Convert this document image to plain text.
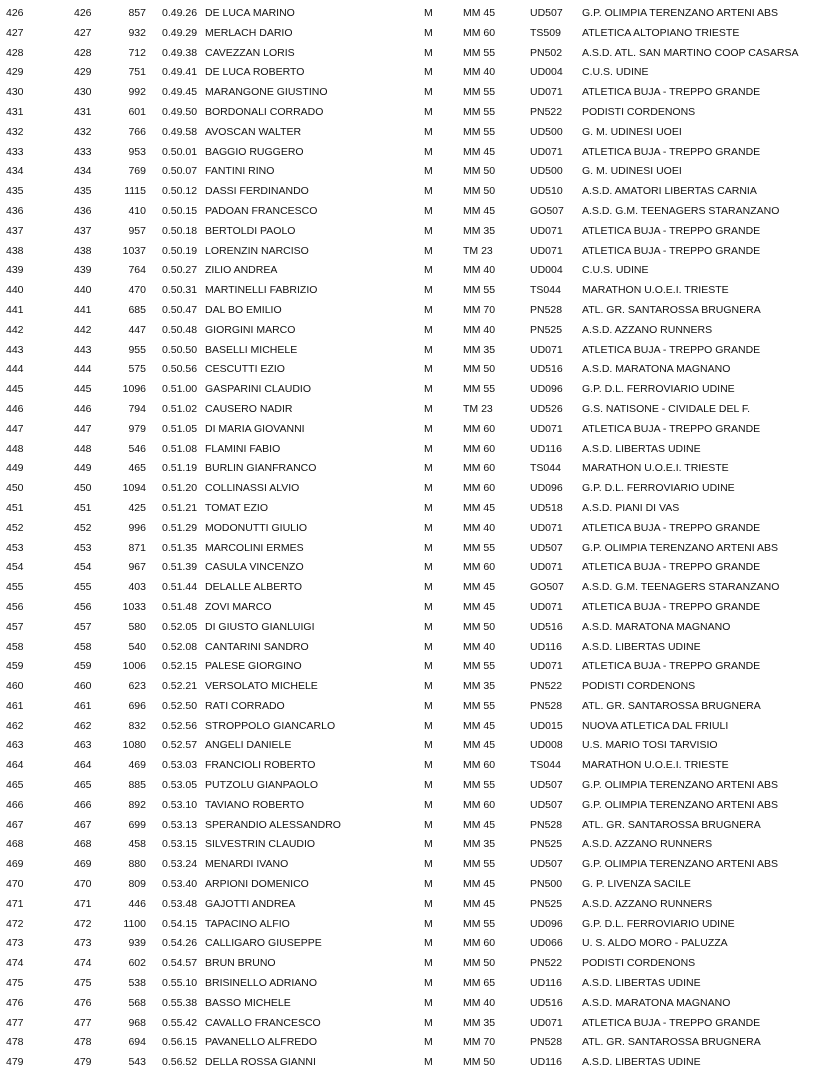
426	426	857 0.49.26 DE LUCA MARINO	M	MM 45	UD507 G.P. OLIMPIA TERENZANO ARTENI ABS
427	427	932 0.49.29 MERLACH DARIO	M	MM 60	TS509 ATLETICA ALTOPIANO TRIESTE
428	428	712 0.49.38 CAVEZZAN LORIS	M	MM 55	PN502 A.S.D. ATL. SAN MARTINO COOP CASARSA
429	429	751 0.49.41 DE LUCA ROBERTO	M	MM 40	UD004 C.U.S. UDINE
430	430	992 0.49.45 MARANGONE GIUSTINO	M	MM 55	UD071 ATLETICA BUJA - TREPPO GRANDE
431	431	601 0.49.50 BORDONALI CORRADO	M	MM 55	PN522 PODISTI CORDENONS
432	432	766 0.49.58 AVOSCAN WALTER	M	MM 55	UD500 G. M. UDINESI UOEI
433	433	953 0.50.01 BAGGIO RUGGERO	M	MM 45	UD071 ATLETICA BUJA - TREPPO GRANDE
434	434	769 0.50.07 FANTINI RINO	M	MM 50	UD500 G. M. UDINESI UOEI
435	435	1115 0.50.12 DASSI FERDINANDO	M	MM 50	UD510 A.S.D. AMATORI LIBERTAS CARNIA
436	436	410 0.50.15 PADOAN FRANCESCO	M	MM 45	GO507 A.S.D. G.M. TEENAGERS STARANZANO
437	437	957 0.50.18 BERTOLDI PAOLO	M	MM 35	UD071 ATLETICA BUJA - TREPPO GRANDE
438	438	1037 0.50.19 LORENZIN NARCISO	M	TM 23	UD071 ATLETICA BUJA - TREPPO GRANDE
439	439	764 0.50.27 ZILIO ANDREA	M	MM 40	UD004 C.U.S. UDINE
440	440	470 0.50.31 MARTINELLI FABRIZIO	M	MM 55	TS044 MARATHON U.O.E.I. TRIESTE
441	441	685 0.50.47 DAL BO EMILIO	M	MM 70	PN528 ATL. GR. SANTAROSSA BRUGNERA
442	442	447 0.50.48 GIORGINI MARCO	M	MM 40	PN525 A.S.D. AZZANO RUNNERS
443	443	955 0.50.50 BASELLI MICHELE	M	MM 35	UD071 ATLETICA BUJA - TREPPO GRANDE
444	444	575 0.50.56 CESCUTTI EZIO	M	MM 50	UD516 A.S.D. MARATONA MAGNANO
445	445	1096 0.51.00 GASPARINI CLAUDIO	M	MM 55	UD096 G.P. D.L. FERROVIARIO UDINE
446	446	794 0.51.02 CAUSERO NADIR	M	TM 23	UD526 G.S. NATISONE - CIVIDALE DEL F.
447	447	979 0.51.05 DI MARIA GIOVANNI	M	MM 60	UD071 ATLETICA BUJA - TREPPO GRANDE
448	448	546 0.51.08 FLAMINI FABIO	M	MM 60	UD116 A.S.D. LIBERTAS UDINE
449	449	465 0.51.19 BURLIN GIANFRANCO	M	MM 60	TS044 MARATHON U.O.E.I. TRIESTE
450	450	1094 0.51.20 COLLINASSI ALVIO	M	MM 60	UD096 G.P. D.L. FERROVIARIO UDINE
451	451	425 0.51.21 TOMAT EZIO	M	MM 45	UD518 A.S.D. PIANI DI VAS
452	452	996 0.51.29 MODONUTTI GIULIO	M	MM 40	UD071 ATLETICA BUJA - TREPPO GRANDE
453	453	871 0.51.35 MARCOLINI ERMES	M	MM 55	UD507 G.P. OLIMPIA TERENZANO ARTENI ABS
454	454	967 0.51.39 CASULA VINCENZO	M	MM 60	UD071 ATLETICA BUJA - TREPPO GRANDE
455	455	403 0.51.44 DELALLE ALBERTO	M	MM 45	GO507 A.S.D. G.M. TEENAGERS STARANZANO
456	456	1033 0.51.48 ZOVI MARCO	M	MM 45	UD071 ATLETICA BUJA - TREPPO GRANDE
457	457	580 0.52.05 DI GIUSTO GIANLUIGI	M	MM 50	UD516 A.S.D. MARATONA MAGNANO
458	458	540 0.52.08 CANTARINI SANDRO	M	MM 40	UD116 A.S.D. LIBERTAS UDINE
459	459	1006 0.52.15 PALESE GIORGINO	M	MM 55	UD071 ATLETICA BUJA - TREPPO GRANDE
460	460	623 0.52.21 VERSOLATO MICHELE	M	MM 35	PN522 PODISTI CORDENONS
461	461	696 0.52.50 RATI CORRADO	M	MM 55	PN528 ATL. GR. SANTAROSSA BRUGNERA
462	462	832 0.52.56 STROPPOLO GIANCARLO	M	MM 45	UD015 NUOVA ATLETICA DAL FRIULI
463	463	1080 0.52.57 ANGELI DANIELE	M	MM 45	UD008 U.S. MARIO TOSI TARVISIO
464	464	469 0.53.03 FRANCIOLI ROBERTO	M	MM 60	TS044 MARATHON U.O.E.I. TRIESTE
465	465	885 0.53.05 PUTZOLU GIANPAOLO	M	MM 55	UD507 G.P. OLIMPIA TERENZANO ARTENI ABS
466	466	892 0.53.10 TAVIANO ROBERTO	M	MM 60	UD507 G.P. OLIMPIA TERENZANO ARTENI ABS
467	467	699 0.53.13 SPERANDIO ALESSANDRO	M	MM 45	PN528 ATL. GR. SANTAROSSA BRUGNERA
468	468	458 0.53.15 SILVESTRIN CLAUDIO	M	MM 35	PN525 A.S.D. AZZANO RUNNERS
469	469	880 0.53.24 MENARDI IVANO	M	MM 55	UD507 G.P. OLIMPIA TERENZANO ARTENI ABS
470	470	809 0.53.40 ARPIONI DOMENICO	M	MM 45	PN500 G. P. LIVENZA SACILE
471	471	446 0.53.48 GAJOTTI ANDREA	M	MM 45	PN525 A.S.D. AZZANO RUNNERS
472	472	1100 0.54.15 TAPACINO ALFIO	M	MM 55	UD096 G.P. D.L. FERROVIARIO UDINE
473	473	939 0.54.26 CALLIGARO GIUSEPPE	M	MM 60	UD066 U. S. ALDO MORO - PALUZZA
474	474	602 0.54.57 BRUN BRUNO	M	MM 50	PN522 PODISTI CORDENONS
475	475	538 0.55.10 BRISINELLO ADRIANO	M	MM 65	UD116 A.S.D. LIBERTAS UDINE
476	476	568 0.55.38 BASSO MICHELE	M	MM 40	UD516 A.S.D. MARATONA MAGNANO
477	477	968 0.55.42 CAVALLO FRANCESCO	M	MM 35	UD071 ATLETICA BUJA - TREPPO GRANDE
478	478	694 0.56.15 PAVANELLO ALFREDO	M	MM 70	PN528 ATL. GR. SANTAROSSA BRUGNERA
479	479	543 0.56.52 DELLA ROSSA GIANNI	M	MM 50	UD116 A.S.D. LIBERTAS UDINE
